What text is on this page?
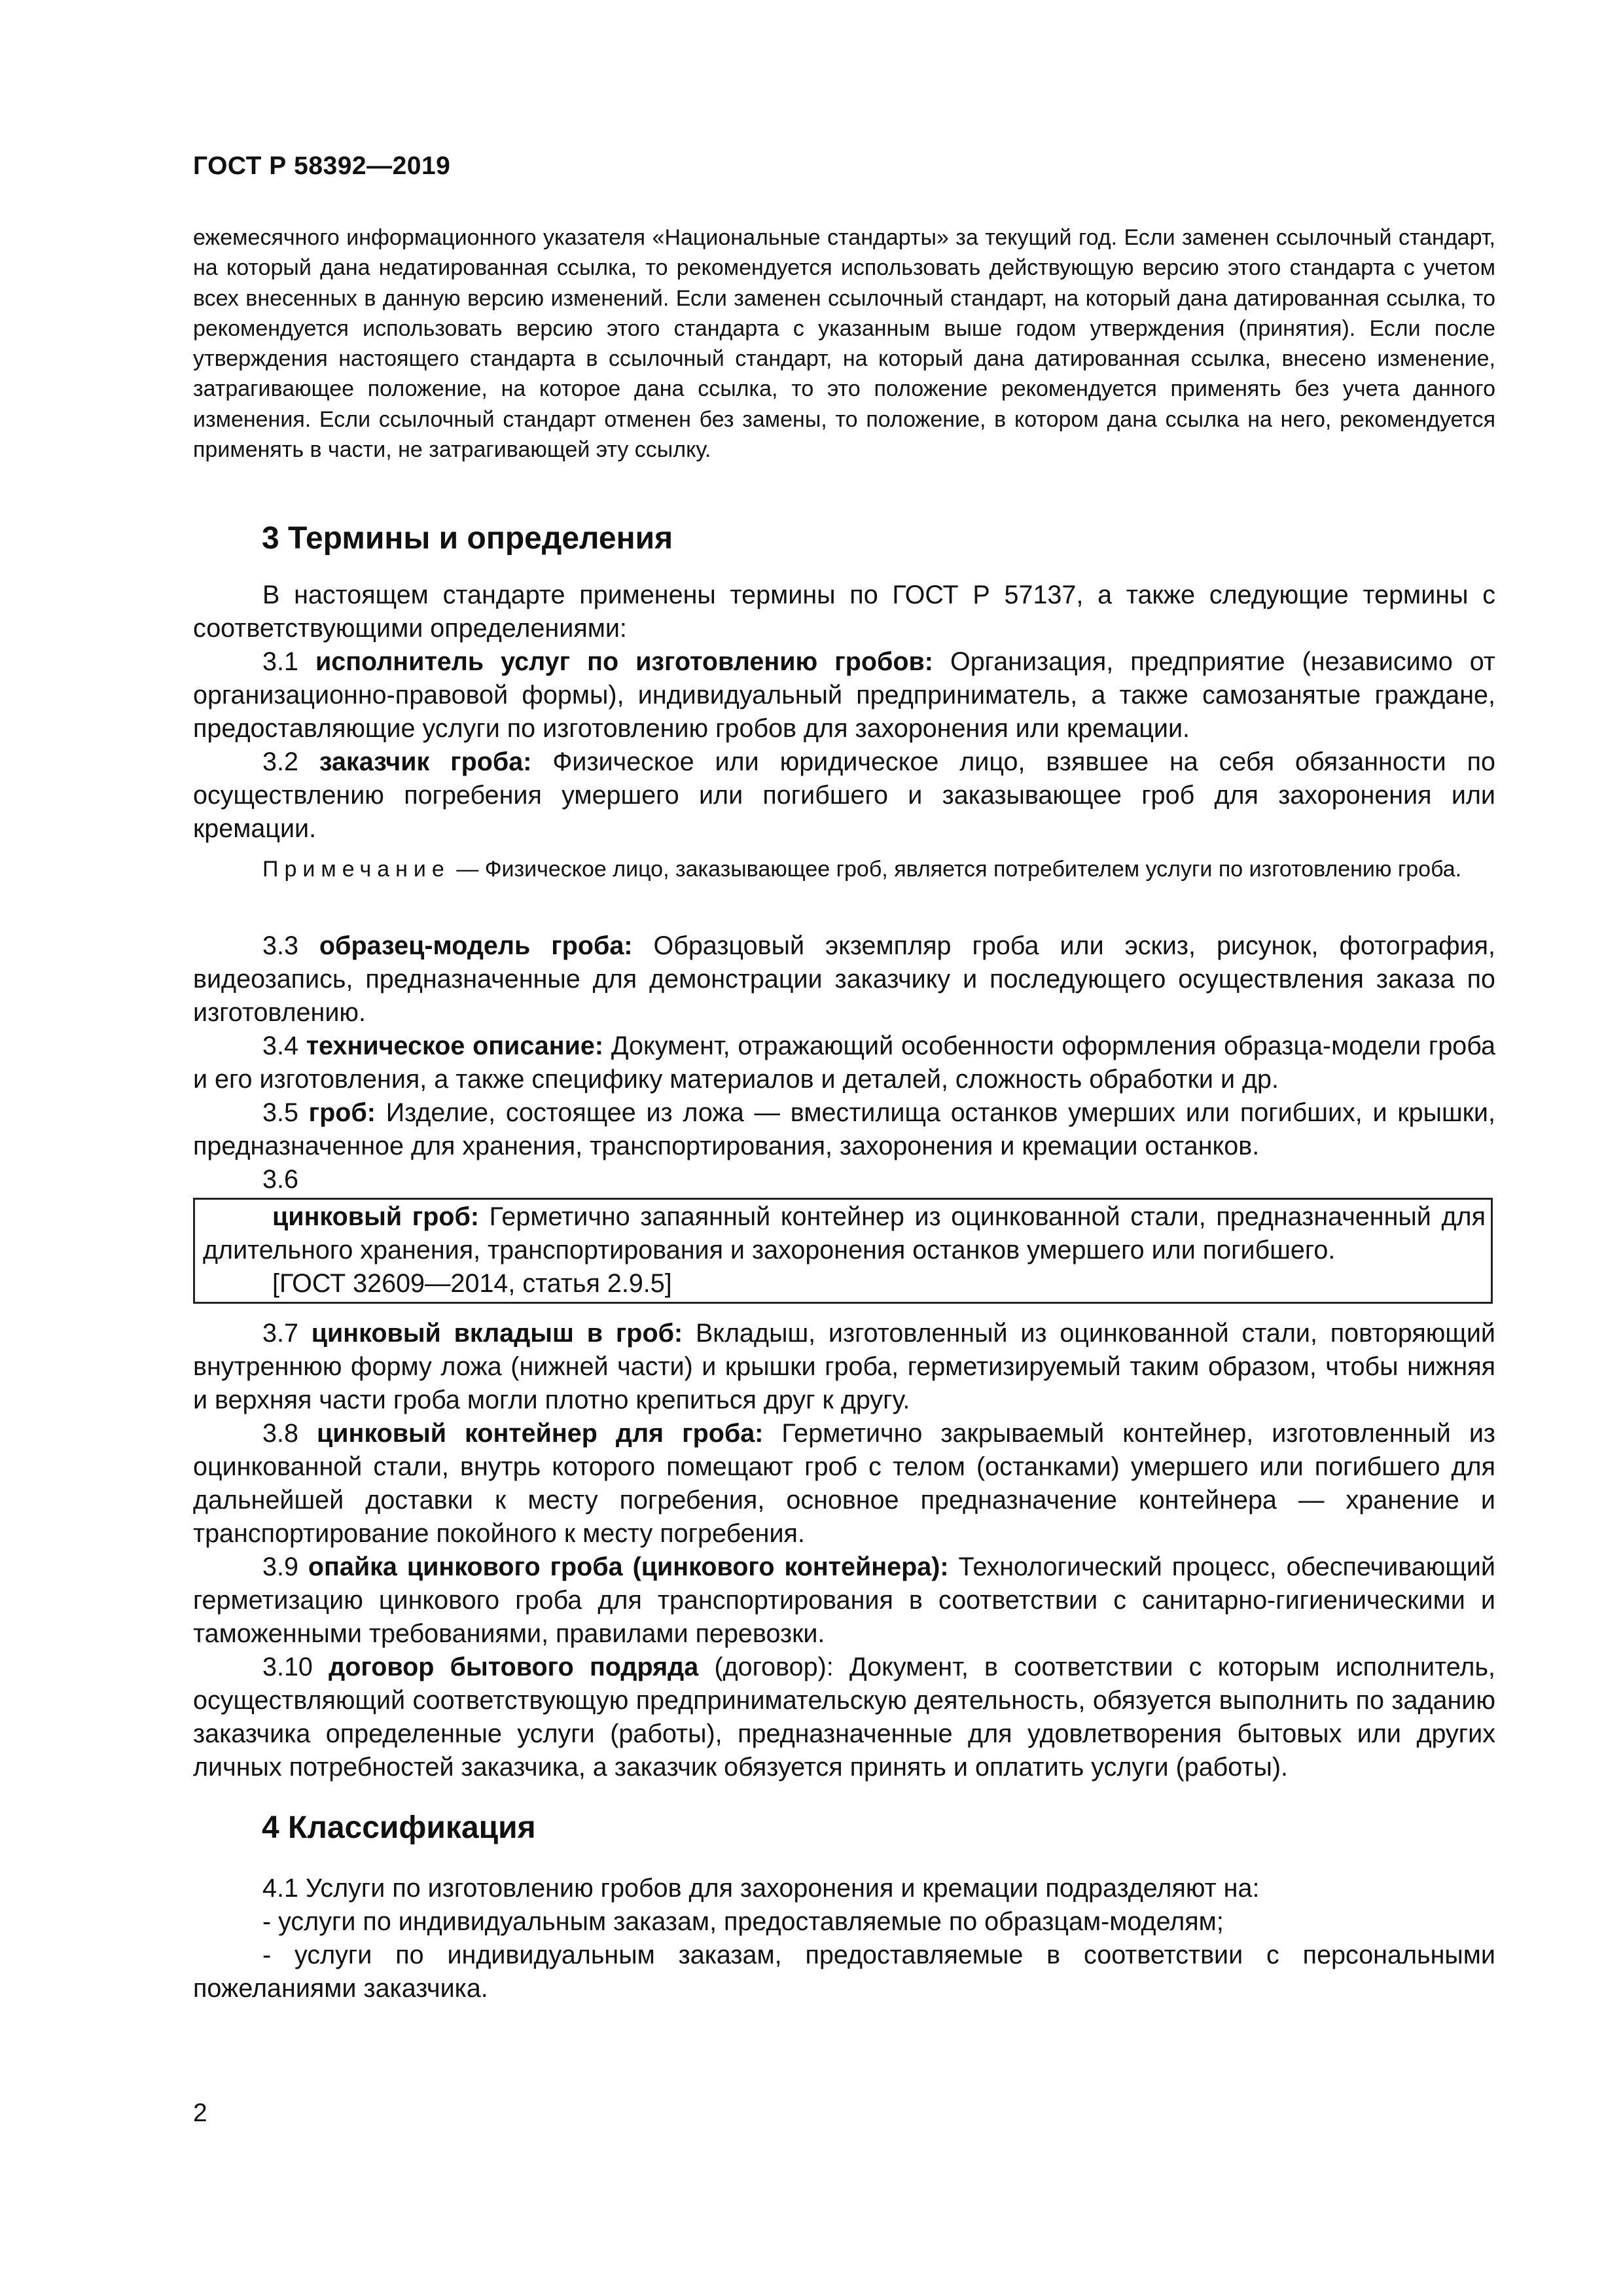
ГОСТ Р 58392—2019

ежемесячного информационного указателя «Национальные стандарты» за текущий год. Если заменен ссылочный стандарт, на который дана недатированная ссылка, то рекомендуется использовать действующую версию этого стандарта с учетом всех внесенных в данную версию изменений. Если заменен ссылочный стандарт, на который дана датированная ссылка, то рекомендуется использовать версию этого стандарта с указанным выше годом утверждения (принятия). Если после утверждения настоящего стандарта в ссылочный стандарт, на который дана датированная ссылка, внесено изменение, затрагивающее положение, на которое дана ссылка, то это положение рекомендуется применять без учета данного изменения. Если ссылочный стандарт отменен без замены, то положение, в котором дана ссылка на него, рекомендуется применять в части, не затрагивающей эту ссылку.

3 Термины и определения

В настоящем стандарте применены термины по ГОСТ Р 57137, а также следующие термины с соответствующими определениями:

3.1 исполнитель услуг по изготовлению гробов: Организация, предприятие (независимо от организационно-правовой формы), индивидуальный предприниматель, а также самозанятые граждане, предоставляющие услуги по изготовлению гробов для захоронения или кремации.

3.2 заказчик гроба: Физическое или юридическое лицо, взявшее на себя обязанности по осуществлению погребения умершего или погибшего и заказывающее гроб для захоронения или кремации.

Примечание — Физическое лицо, заказывающее гроб, является потребителем услуги по изготовлению гроба.

3.3 образец-модель гроба: Образцовый экземпляр гроба или эскиз, рисунок, фотография, видеозапись, предназначенные для демонстрации заказчику и последующего осуществления заказа по изготовлению.

3.4 техническое описание: Документ, отражающий особенности оформления образца-модели гроба и его изготовления, а также специфику материалов и деталей, сложность обработки и др.

3.5 гроб: Изделие, состоящее из ложа — вместилища останков умерших или погибших, и крышки, предназначенное для хранения, транспортирования, захоронения и кремации останков.

3.6

цинковый гроб: Герметично запаянный контейнер из оцинкованной стали, предназначенный для длительного хранения, транспортирования и захоронения останков умершего или погибшего.

[ГОСТ 32609—2014, статья 2.9.5]

3.7 цинковый вкладыш в гроб: Вкладыш, изготовленный из оцинкованной стали, повторяющий внутреннюю форму ложа (нижней части) и крышки гроба, герметизируемый таким образом, чтобы нижняя и верхняя части гроба могли плотно крепиться друг к другу.

3.8 цинковый контейнер для гроба: Герметично закрываемый контейнер, изготовленный из оцинкованной стали, внутрь которого помещают гроб с телом (останками) умершего или погибшего для дальнейшей доставки к месту погребения, основное предназначение контейнера — хранение и транспортирование покойного к месту погребения.

3.9 опайка цинкового гроба (цинкового контейнера): Технологический процесс, обеспечивающий герметизацию цинкового гроба для транспортирования в соответствии с санитарно-гигиеническими и таможенными требованиями, правилами перевозки.

3.10 договор бытового подряда (договор): Документ, в соответствии с которым исполнитель, осуществляющий соответствующую предпринимательскую деятельность, обязуется выполнить по заданию заказчика определенные услуги (работы), предназначенные для удовлетворения бытовых или других личных потребностей заказчика, а заказчик обязуется принять и оплатить услуги (работы).

4 Классификация

4.1 Услуги по изготовлению гробов для захоронения и кремации подразделяют на:

- услуги по индивидуальным заказам, предоставляемые по образцам-моделям;

- услуги по индивидуальным заказам, предоставляемые в соответствии с персональными пожеланиями заказчика.

2
